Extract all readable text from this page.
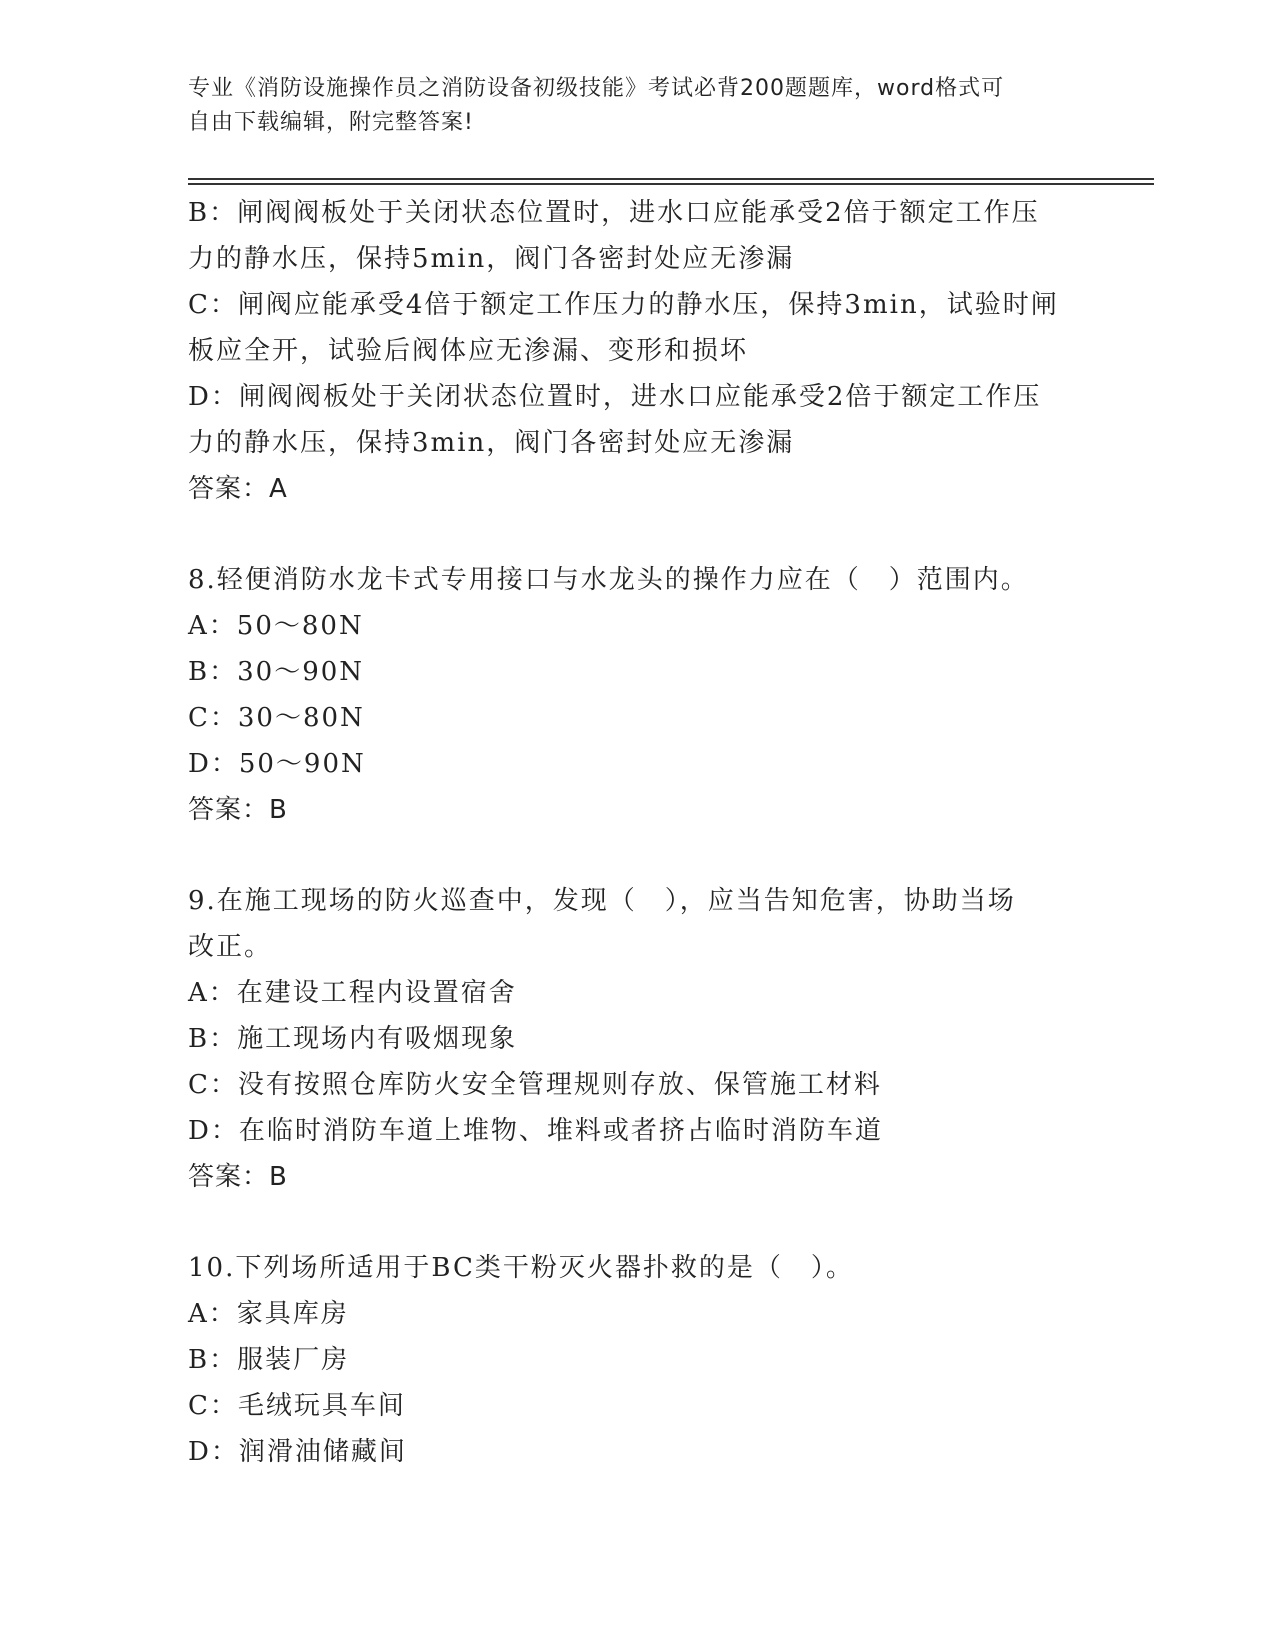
专业《消防设施操作员之消防设备初级技能》考试必背200题题库，word格式可
自由下载编辑，附完整答案!
B：闸阀阀板处于关闭状态位置时，进水口应能承受2倍于额定工作压
力的静水压，保持5min，阀门各密封处应无渗漏
C：闸阀应能承受4倍于额定工作压力的静水压，保持3min，试验时闸
板应全开，试验后阀体应无渗漏、变形和损坏
D：闸阀阀板处于关闭状态位置时，进水口应能承受2倍于额定工作压
力的静水压，保持3min，阀门各密封处应无渗漏
答案：A
8.轻便消防水龙卡式专用接口与水龙头的操作力应在（　）范围内。
A：50～80N
B：30～90N
C：30～80N
D：50～90N
答案：B
9.在施工现场的防火巡查中，发现（　），应当告知危害，协助当场
改正。
A：在建设工程内设置宿舍
B：施工现场内有吸烟现象
C：没有按照仓库防火安全管理规则存放、保管施工材料
D：在临时消防车道上堆物、堆料或者挤占临时消防车道
答案：B
10.下列场所适用于BC类干粉灭火器扑救的是（　）。
A：家具库房
B：服装厂房
C：毛绒玩具车间
D：润滑油储藏间
